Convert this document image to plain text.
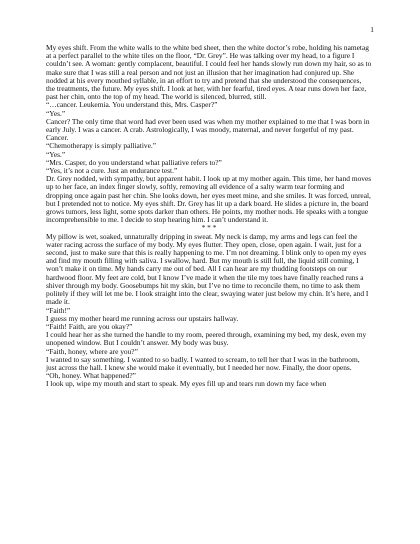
1

My eyes shift. From the white walls to the white bed sheet, then the white doctor’s robe, holding his nametag at a perfect parallel to the white tiles on the floor, “Dr. Grey”. He was talking over my head, to a figure I couldn’t see. A woman: gently complacent, beautiful. I could feel her hands slowly run down my hair, so as to make sure that I was still a real person and not just an illusion that her imagination had conjured up. She nodded at his every mouthed syllable, in an effort to try and pretend that she understood the consequences, the treatments, the future. My eyes shift. I look at her, with her fearful, tired eyes. A tear runs down her face, past her chin, onto the top of my head. The world is silenced, blurred, still.

“…cancer. Leukemia. You understand this, Mrs. Casper?”

“Yes.”

Cancer? The only time that word had ever been used was when my mother explained to me that I was born in early July. I was a cancer. A crab. Astrologically, I was moody, maternal, and never forgetful of my past. Cancer.

“Chemotherapy is simply palliative.”

“Yes.”

“Mrs. Casper, do you understand what palliative refers to?”

“Yes, it’s not a cure. Just an endurance test.”

Dr. Grey nodded, with sympathy, but apparent habit. I look up at my mother again. This time, her hand moves up to her face, an index finger slowly, softly, removing all evidence of a salty warm tear forming and dropping once again past her chin. She looks down, her eyes meet mine, and she smiles. It was forced, unreal, but I pretended not to notice. My eyes shift. Dr. Grey has lit up a dark board. He slides a picture in, the board grows tumors, less light, some spots darker than others. He points, my mother nods. He speaks with a tongue incomprehensible to me. I decide to stop hearing him. I can’t understand it.

* * *

My pillow is wet, soaked, unnaturally dripping in sweat. My neck is damp, my arms and legs can feel the water racing across the surface of my body. My eyes flutter. They open, close, open again. I wait, just for a second, just to make sure that this is really happening to me. I’m not dreaming. I blink only to open my eyes and find my mouth filling with saliva. I swallow, hard. But my mouth is still full, the liquid still coming, I won’t make it on time. My hands carry me out of bed. All I can hear are my thudding footsteps on our hardwood floor. My feet are cold, but I know I’ve made it when the tile my toes have finally reached runs a shiver through my body. Goosebumps hit my skin, but I’ve no time to reconcile them, no time to ask them politely if they will let me be. I look straight into the clear, swaying water just below my chin. It’s here, and I made it.

“Faith!”

I guess my mother heard me running across our upstairs hallway.

“Faith! Faith, are you okay?”

I could hear her as she turned the handle to my room, peered through, examining my bed, my desk, even my unopened window. But I couldn’t answer. My body was busy.

“Faith, honey, where are you?”

I wanted to say something. I wanted to so badly. I wanted to scream, to tell her that I was in the bathroom, just across the hall. I knew she would make it eventually, but I needed her now. Finally, the door opens.

“Oh, honey. What happened?”

I look up, wipe my mouth and start to speak. My eyes fill up and tears run down my face when
